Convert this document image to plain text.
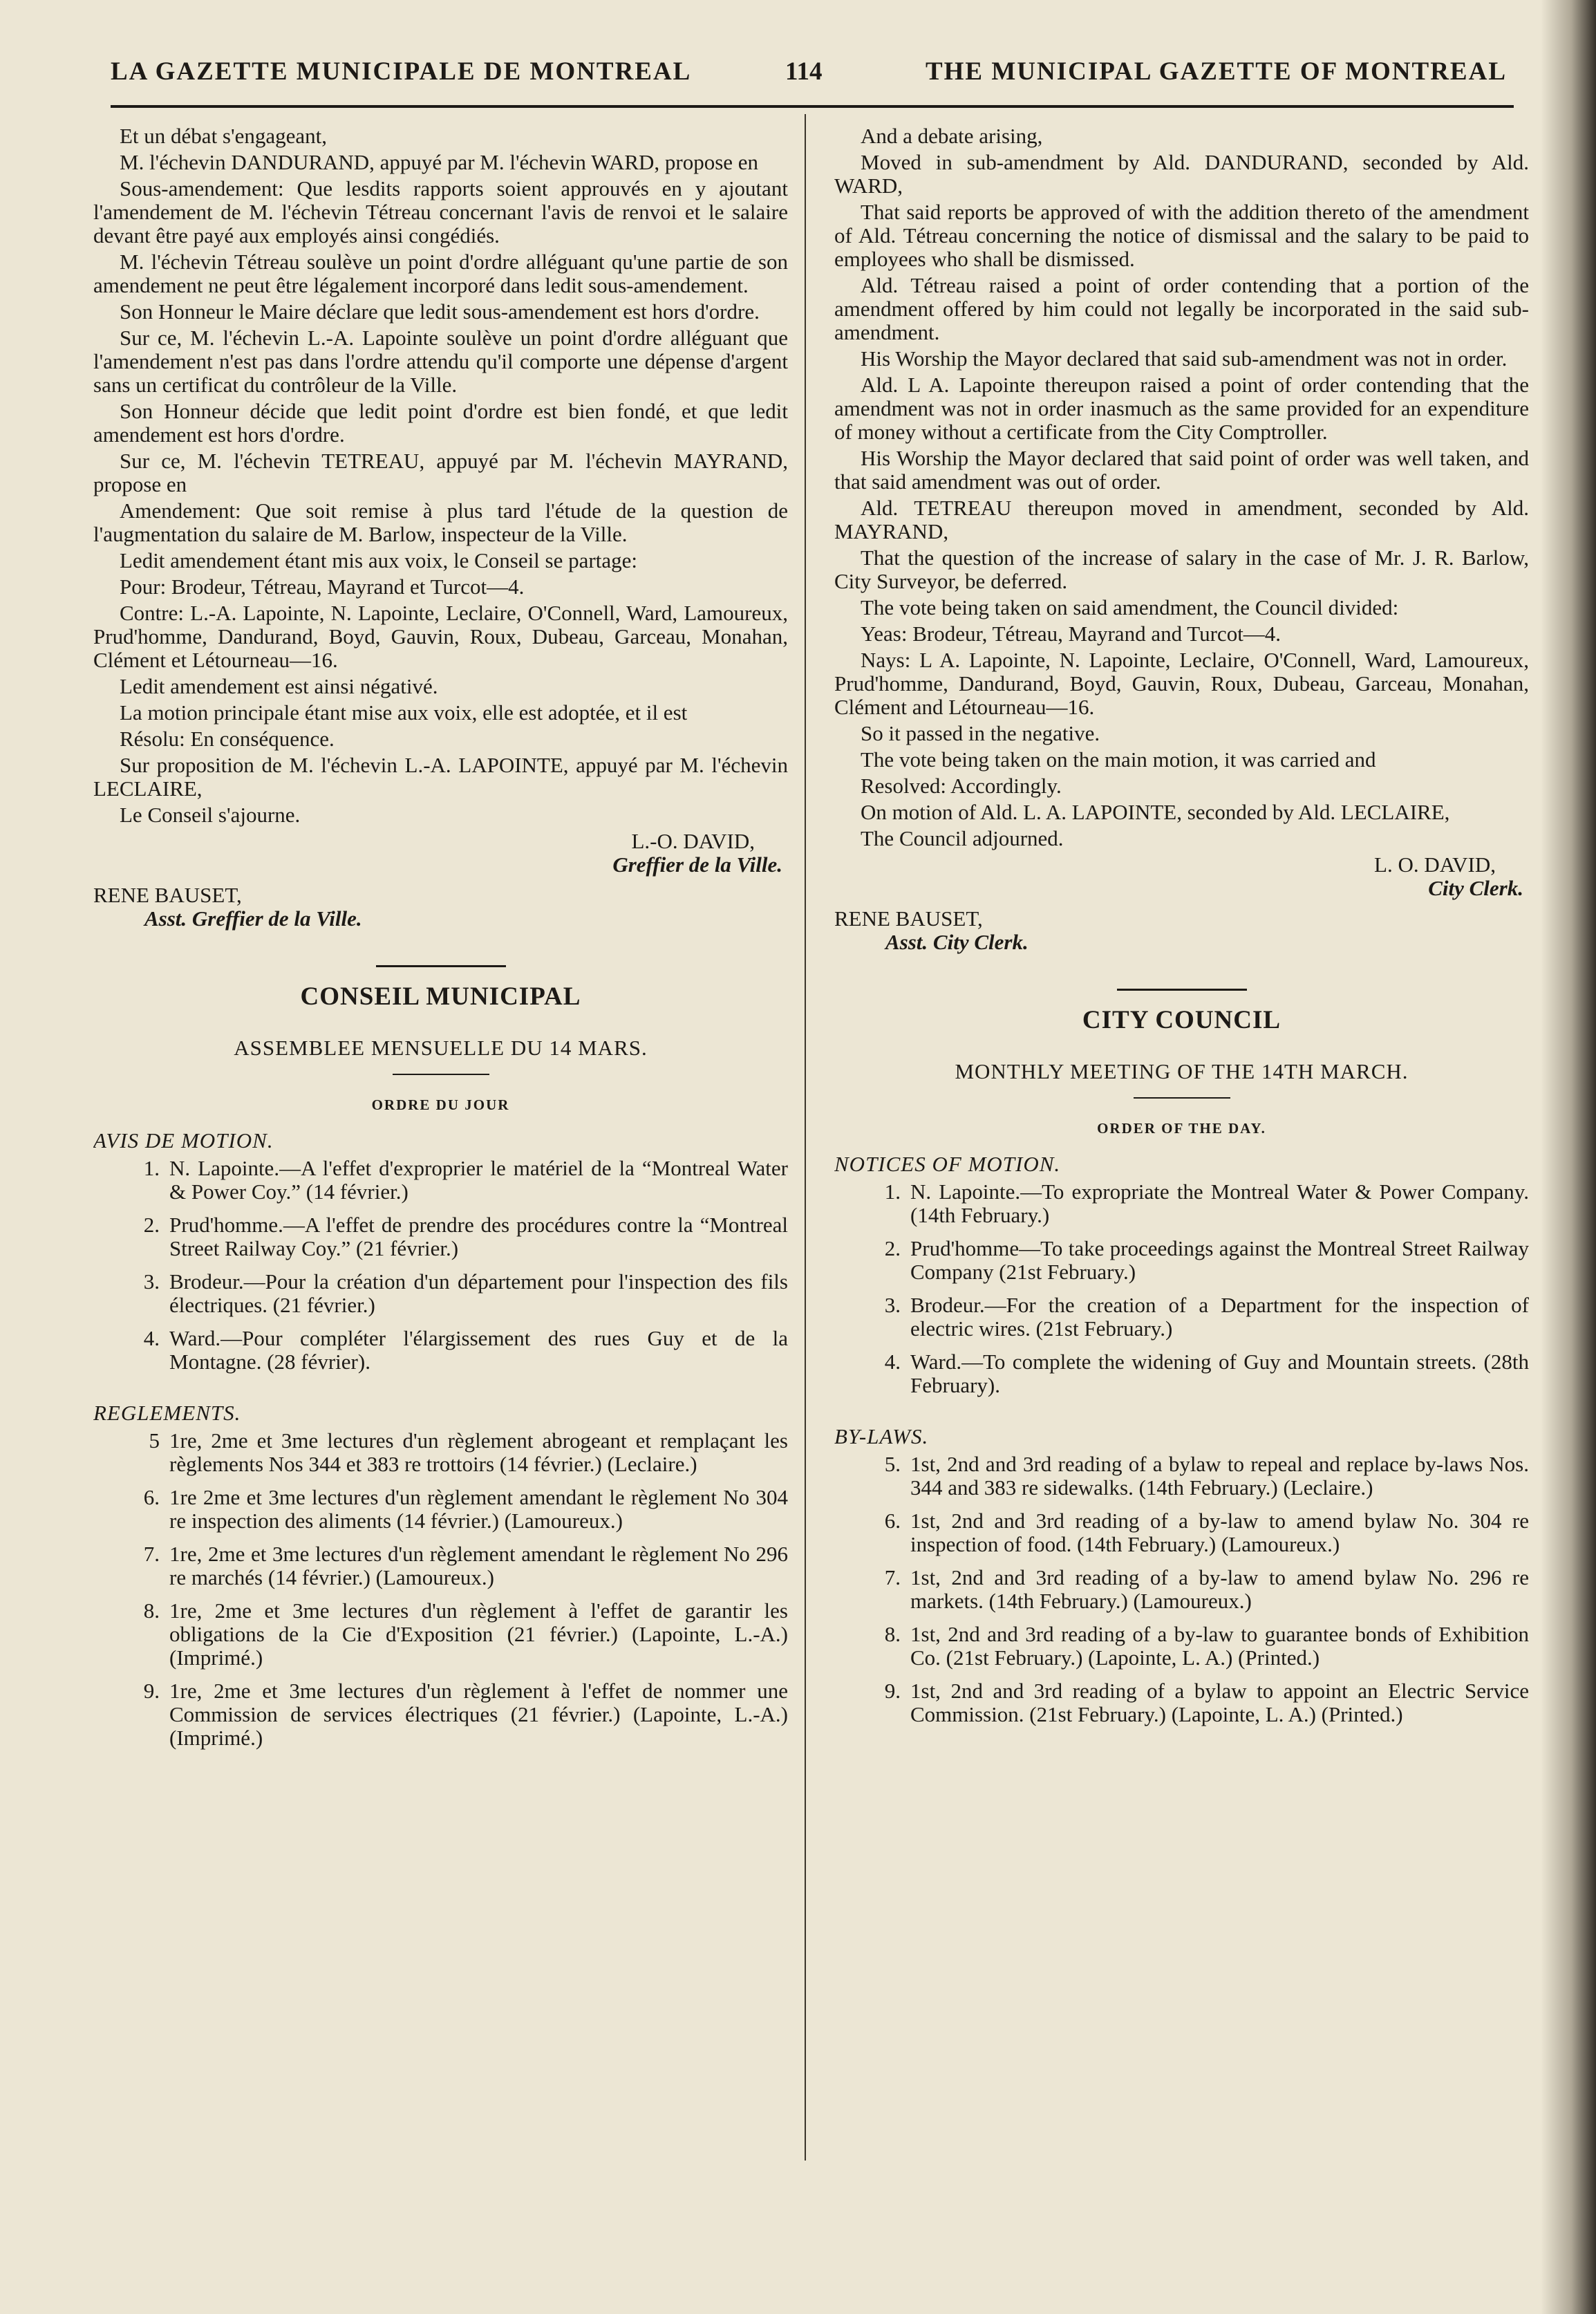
LA GAZETTE MUNICIPALE DE MONTREAL	114	THE MUNICIPAL GAZETTE OF MONTREAL

Et un débat s'engageant,

M. l'échevin DANDURAND, appuyé par M. l'échevin WARD, propose en

Sous-amendement: Que lesdits rapports soient approuvés en y ajoutant l'amendement de M. l'échevin Tétreau concernant l'avis de renvoi et le salaire devant être payé aux employés ainsi congédiés.

M. l'échevin Tétreau soulève un point d'ordre alléguant qu'une partie de son amendement ne peut être légalement incorporé dans ledit sous-amendement.

Son Honneur le Maire déclare que ledit sous-amendement est hors d'ordre.

Sur ce, M. l'échevin L.-A. Lapointe soulève un point d'ordre alléguant que l'amendement n'est pas dans l'ordre attendu qu'il comporte une dépense d'argent sans un certificat du contrôleur de la Ville.

Son Honneur décide que ledit point d'ordre est bien fondé, et que ledit amendement est hors d'ordre.

Sur ce, M. l'échevin TETREAU, appuyé par M. l'échevin MAYRAND, propose en

Amendement: Que soit remise à plus tard l'étude de la question de l'augmentation du salaire de M. Barlow, inspecteur de la Ville.

Ledit amendement étant mis aux voix, le Conseil se partage:

Pour: Brodeur, Tétreau, Mayrand et Turcot—4.

Contre: L.-A. Lapointe, N. Lapointe, Leclaire, O'Connell, Ward, Lamoureux, Prud'homme, Dandurand, Boyd, Gauvin, Roux, Dubeau, Garceau, Monahan, Clément et Létourneau—16.

Ledit amendement est ainsi négativé.

La motion principale étant mise aux voix, elle est adoptée, et il est

Résolu: En conséquence.

Sur proposition de M. l'échevin L.-A. LAPOINTE, appuyé par M. l'échevin LECLAIRE,

Le Conseil s'ajourne.

L.-O. DAVID,

Greffier de la Ville.

RENE BAUSET,

Asst. Greffier de la Ville.

CONSEIL MUNICIPAL
ASSEMBLEE MENSUELLE DU 14 MARS.
ORDRE DU JOUR
AVIS DE MOTION.
1. N. Lapointe.—A l'effet d'exproprier le matériel de la “Montreal Water & Power Coy.” (14 février.)
2. Prud'homme.—A l'effet de prendre des procédures contre la “Montreal Street Railway Coy.” (21 février.)
3. Brodeur.—Pour la création d'un département pour l'inspection des fils électriques. (21 février.)
4. Ward.—Pour compléter l'élargissement des rues Guy et de la Montagne. (28 février).
REGLEMENTS.
5 1re, 2me et 3me lectures d'un règlement abrogeant et remplaçant les règlements Nos 344 et 383 re trottoirs (14 février.) (Leclaire.)
6. 1re 2me et 3me lectures d'un règlement amendant le règlement No 304 re inspection des aliments (14 février.) (Lamoureux.)
7. 1re, 2me et 3me lectures d'un règlement amendant le règlement No 296 re marchés (14 février.) (Lamoureux.)
8. 1re, 2me et 3me lectures d'un règlement à l'effet de garantir les obligations de la Cie d'Exposition (21 février.) (Lapointe, L.-A.) (Imprimé.)
9. 1re, 2me et 3me lectures d'un règlement à l'effet de nommer une Commission de services électriques (21 février.) (Lapointe, L.-A.) (Imprimé.)

And a debate arising,

Moved in sub-amendment by Ald. DANDURAND, seconded by Ald. WARD,

That said reports be approved of with the addition thereto of the amendment of Ald. Tétreau concerning the notice of dismissal and the salary to be paid to employees who shall be dismissed.

Ald. Tétreau raised a point of order contending that a portion of the amendment offered by him could not legally be incorporated in the said sub-amendment.

His Worship the Mayor declared that said sub-amendment was not in order.

Ald. L A. Lapointe thereupon raised a point of order contending that the amendment was not in order inasmuch as the same provided for an expenditure of money without a certificate from the City Comptroller.

His Worship the Mayor declared that said point of order was well taken, and that said amendment was out of order.

Ald. TETREAU thereupon moved in amendment, seconded by Ald. MAYRAND,

That the question of the increase of salary in the case of Mr. J. R. Barlow, City Surveyor, be deferred.

The vote being taken on said amendment, the Council divided:

Yeas: Brodeur, Tétreau, Mayrand and Turcot—4.

Nays: L A. Lapointe, N. Lapointe, Leclaire, O'Connell, Ward, Lamoureux, Prud'homme, Dandurand, Boyd, Gauvin, Roux, Dubeau, Garceau, Monahan, Clément and Létourneau—16.

So it passed in the negative.

The vote being taken on the main motion, it was carried and

Resolved: Accordingly.

On motion of Ald. L. A. LAPOINTE, seconded by Ald. LECLAIRE,

The Council adjourned.

L. O. DAVID,

City Clerk.

RENE BAUSET,

Asst. City Clerk.

CITY COUNCIL
MONTHLY MEETING OF THE 14TH MARCH.
ORDER OF THE DAY.
NOTICES OF MOTION.
1. N. Lapointe.—To expropriate the Montreal Water & Power Company. (14th February.)
2. Prud'homme—To take proceedings against the Montreal Street Railway Company (21st February.)
3. Brodeur.—For the creation of a Department for the inspection of electric wires. (21st February.)
4. Ward.—To complete the widening of Guy and Mountain streets. (28th February).
BY-LAWS.
5. 1st, 2nd and 3rd reading of a bylaw to repeal and replace by-laws Nos. 344 and 383 re sidewalks. (14th February.) (Leclaire.)
6. 1st, 2nd and 3rd reading of a by-law to amend bylaw No. 304 re inspection of food. (14th February.) (Lamoureux.)
7. 1st, 2nd and 3rd reading of a by-law to amend bylaw No. 296 re markets. (14th February.) (Lamoureux.)
8. 1st, 2nd and 3rd reading of a by-law to guarantee bonds of Exhibition Co. (21st February.) (Lapointe, L. A.) (Printed.)
9. 1st, 2nd and 3rd reading of a bylaw to appoint an Electric Service Commission. (21st February.) (Lapointe, L. A.) (Printed.)
